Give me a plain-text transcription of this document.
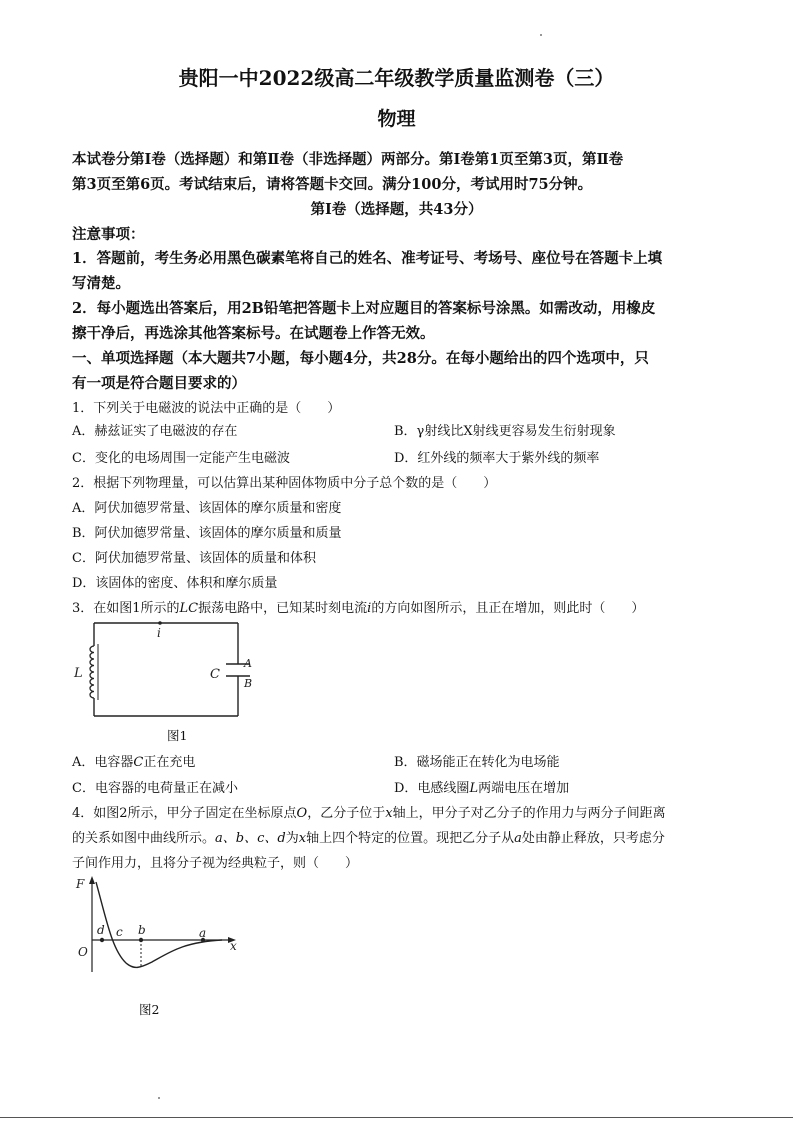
贵阳一中2022级高二年级教学质量监测卷（三）
物理
本试卷分第Ⅰ卷（选择题）和第Ⅱ卷（非选择题）两部分。第Ⅰ卷第1页至第3页，第Ⅱ卷
第3页至第6页。考试结束后，请将答题卡交回。满分100分，考试用时75分钟。
第Ⅰ卷（选择题，共43分）
注意事项：
1．答题前，考生务必用黑色碳素笔将自己的姓名、准考证号、考场号、座位号在答题卡上填
写清楚。
2．每小题选出答案后，用2B铅笔把答题卡上对应题目的答案标号涂黑。如需改动，用橡皮
擦干净后，再选涂其他答案标号。在试题卷上作答无效。
一、单项选择题（本大题共7小题，每小题4分，共28分。在每小题给出的四个选项中，只
有一项是符合题目要求的）
1．下列关于电磁波的说法中正确的是（　　）
A．赫兹证实了电磁波的存在	B．γ射线比X射线更容易发生衍射现象
C．变化的电场周围一定能产生电磁波	D．红外线的频率大于紫外线的频率
2．根据下列物理量，可以估算出某种固体物质中分子总个数的是（　　）
A．阿伏加德罗常量、该固体的摩尔质量和密度
B．阿伏加德罗常量、该固体的摩尔质量和质量
C．阿伏加德罗常量、该固体的质量和体积
D．该固体的密度、体积和摩尔质量
3．在如图1所示的LC振荡电路中，已知某时刻电流i的方向如图所示，且正在增加，则此时（　　）
i
L	C
A
B
图1
A．电容器C正在充电	B．磁场能正在转化为电场能
C．电容器的电荷量正在减小	D．电感线圈L两端电压在增加
4．如图2所示，甲分子固定在坐标原点O，乙分子位于x轴上，甲分子对乙分子的作用力与两分子间距离
的关系如图中曲线所示。a、b、c、d为x轴上四个特定的位置。现把乙分子从a处由静止释放，只考虑分
子间作用力，且将分子视为经典粒子，则（　　）
F
O	x
d c b	a
图2
